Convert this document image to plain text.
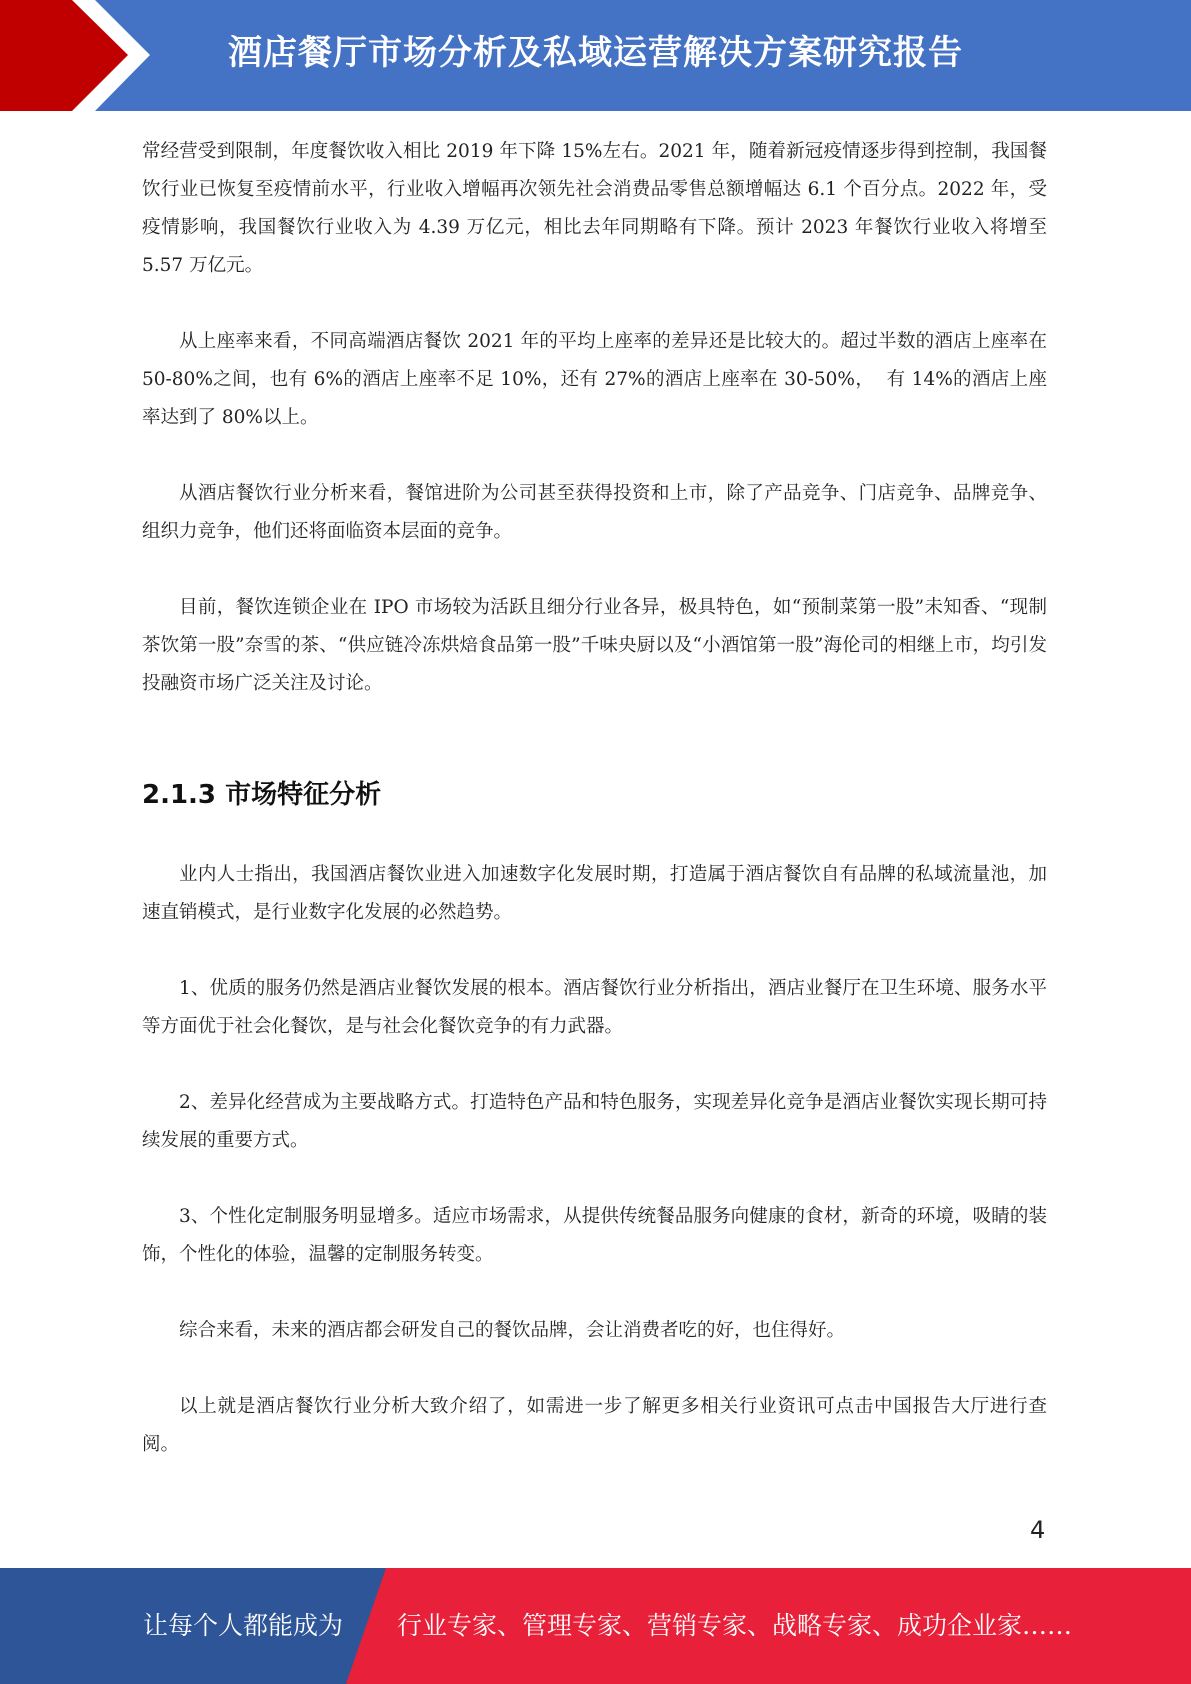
酒店餐厅市场分析及私域运营解决方案研究报告

常经营受到限制，年度餐饮收入相比 2019 年下降 15%左右。2021 年，随着新冠疫情逐步得到控制，我国餐饮行业已恢复至疫情前水平，行业收入增幅再次领先社会消费品零售总额增幅达 6.1 个百分点。2022 年，受疫情影响，我国餐饮行业收入为 4.39 万亿元，相比去年同期略有下降。预计 2023 年餐饮行业收入将增至 5.57 万亿元。

从上座率来看，不同高端酒店餐饮 2021 年的平均上座率的差异还是比较大的。超过半数的酒店上座率在 50-80%之间，也有 6%的酒店上座率不足 10%，还有 27%的酒店上座率在 30-50%，  有 14%的酒店上座率达到了 80%以上。

从酒店餐饮行业分析来看，餐馆进阶为公司甚至获得投资和上市，除了产品竞争、门店竞争、品牌竞争、组织力竞争，他们还将面临资本层面的竞争。

目前，餐饮连锁企业在 IPO 市场较为活跃且细分行业各异，极具特色，如“预制菜第一股”未知香、“现制茶饮第一股”奈雪的茶、“供应链冷冻烘焙食品第一股”千味央厨以及“小酒馆第一股”海伦司的相继上市，均引发投融资市场广泛关注及讨论。

2.1.3 市场特征分析

业内人士指出，我国酒店餐饮业进入加速数字化发展时期，打造属于酒店餐饮自有品牌的私域流量池，加速直销模式，是行业数字化发展的必然趋势。

1、优质的服务仍然是酒店业餐饮发展的根本。酒店餐饮行业分析指出，酒店业餐厅在卫生环境、服务水平等方面优于社会化餐饮，是与社会化餐饮竞争的有力武器。

2、差异化经营成为主要战略方式。打造特色产品和特色服务，实现差异化竞争是酒店业餐饮实现长期可持续发展的重要方式。

3、个性化定制服务明显增多。适应市场需求，从提供传统餐品服务向健康的食材，新奇的环境，吸睛的装饰，个性化的体验，温馨的定制服务转变。

综合来看，未来的酒店都会研发自己的餐饮品牌，会让消费者吃的好，也住得好。

以上就是酒店餐饮行业分析大致介绍了，如需进一步了解更多相关行业资讯可点击中国报告大厅进行查阅。

4
让每个人都能成为 行业专家、管理专家、营销专家、战略专家、成功企业家……
